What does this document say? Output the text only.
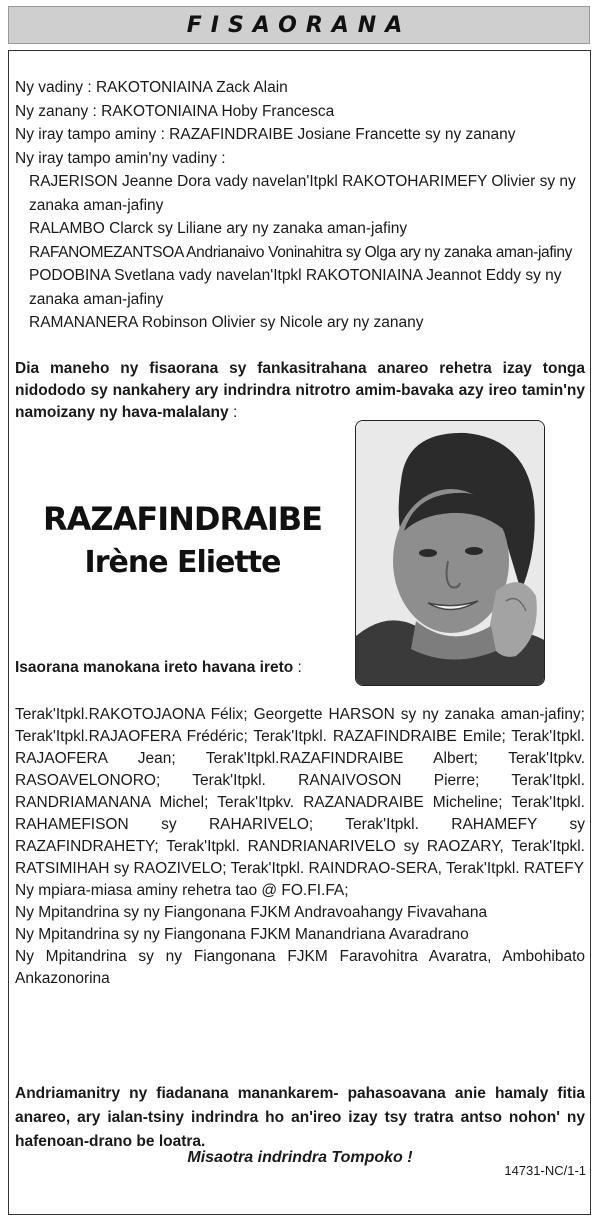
FISAORANA
Ny vadiny : RAKOTONIAINA Zack Alain
Ny zanany : RAKOTONIAINA Hoby Francesca
Ny iray tampo aminy : RAZAFINDRAIBE Josiane Francette sy ny zanany
Ny iray tampo amin'ny vadiny :
RAJERISON Jeanne Dora vady navelan'Itpkl RAKOTOHARIMEFY Olivier sy ny zanaka aman-jafiny
RALAMBO Clarck sy Liliane ary ny zanaka aman-jafiny
RAFANOMEZANTSOA Andrianaivo Voninahitra sy Olga ary ny zanaka aman-jafiny
PODOBINA Svetlana vady navelan'Itpkl RAKOTONIAINA Jeannot Eddy sy ny zanaka aman-jafiny
RAMANANERA Robinson Olivier sy Nicole ary ny zanany
Dia maneho ny fisaorana sy fankasitrahana anareo rehetra izay tonga nidododo sy nankahery ary indrindra nitrotro amim-bavaka azy ireo tamin'ny namoizany ny hava-malalany :
RAZAFINDRAIBE
Irène Eliette
Isaorana manokana ireto havana ireto :
Terak'Itpkl.RAKOTOJAONA Félix; Georgette HARSON sy ny zanaka aman-jafiny; Terak'Itpkl.RAJAOFERA Frédéric; Terak'Itpkl. RAZAFINDRAIBE Emile; Terak'Itpkl. RAJAOFERA Jean; Terak'Itpkl.RAZAFINDRAIBE Albert; Terak'Itpkv. RASOAVELONORO; Terak'Itpkl. RANAIVOSON Pierre; Terak'Itpkl. RANDRIAMANANA Michel; Terak'Itpkv. RAZANADRAIBE Micheline; Terak'Itpkl. RAHAMEFISON sy RAHARIVELO; Terak'Itpkl. RAHAMEFY sy RAZAFINDRAHETY; Terak'Itpkl. RANDRIANARIVELO sy RAOZARY, Terak'Itpkl. RATSIMIHAH sy RAOZIVELO; Terak'Itpkl. RAINDRAO-SERA, Terak'Itpkl. RATEFY
Ny mpiara-miasa aminy rehetra tao @ FO.FI.FA;
Ny Mpitandrina sy ny Fiangonana FJKM Andravoahangy Fivavahana
Ny Mpitandrina sy ny Fiangonana FJKM Manandriana Avaradrano
Ny Mpitandrina sy ny Fiangonana FJKM Faravohitra Avaratra, Ambohibato Ankazonorina
Andriamanitry ny fiadanana manankarem- pahasoavana anie hamaly fitia anareo, ary ialan-tsiny indrindra ho an'ireo izay tsy tratra antso nohon' ny hafenoan-drano be loatra.
Misaotra indrindra Tompoko !
14731-NC/1-1
